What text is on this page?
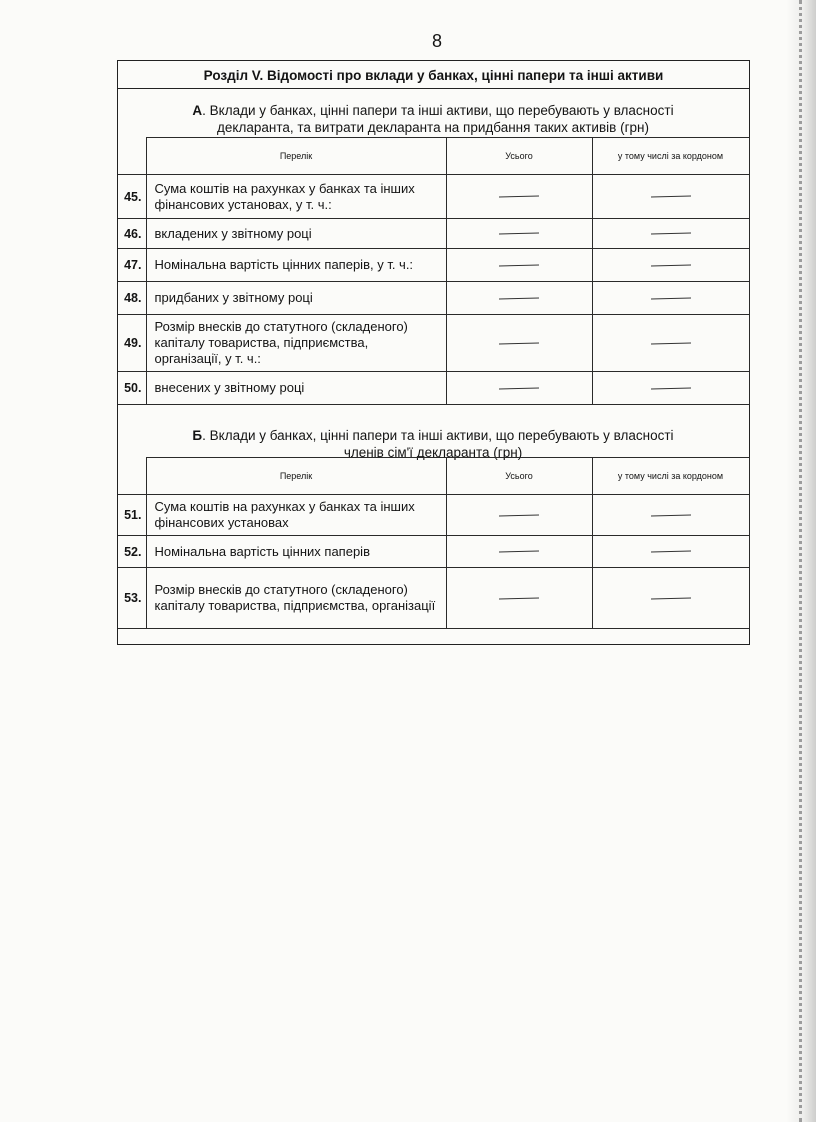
8
Розділ V. Відомості про вклади у банках, цінні папери та інші активи
А. Вклади у банках, цінні папери та інші активи, що перебувають у власності декларанта, та витрати декларанта на придбання таких активів (грн)
	Перелік	Усього	у тому числі за кордоном
45.	Сума коштів на рахунках у банках та інших фінансових установах, у т. ч.:	

46.	вкладених у звітному році	

47.	Номінальна вартість цінних паперів, у т. ч.:	

48.	придбаних у звітному році	

49.	Розмір внесків до статутного (складеного) капіталу товариства, підприємства, організації, у т. ч.:	

50.	внесених у звітному році	

Б. Вклади у банках, цінні папери та інші активи, що перебувають у власності членів сім'ї декларанта (грн)
	Перелік	Усього	у тому числі за кордоном
51.	Сума коштів на рахунках у банках та інших фінансових установах	

52.	Номінальна вартість цінних паперів	

53.	Розмір внесків до статутного (складеного) капіталу товариства, підприємства, організації	
